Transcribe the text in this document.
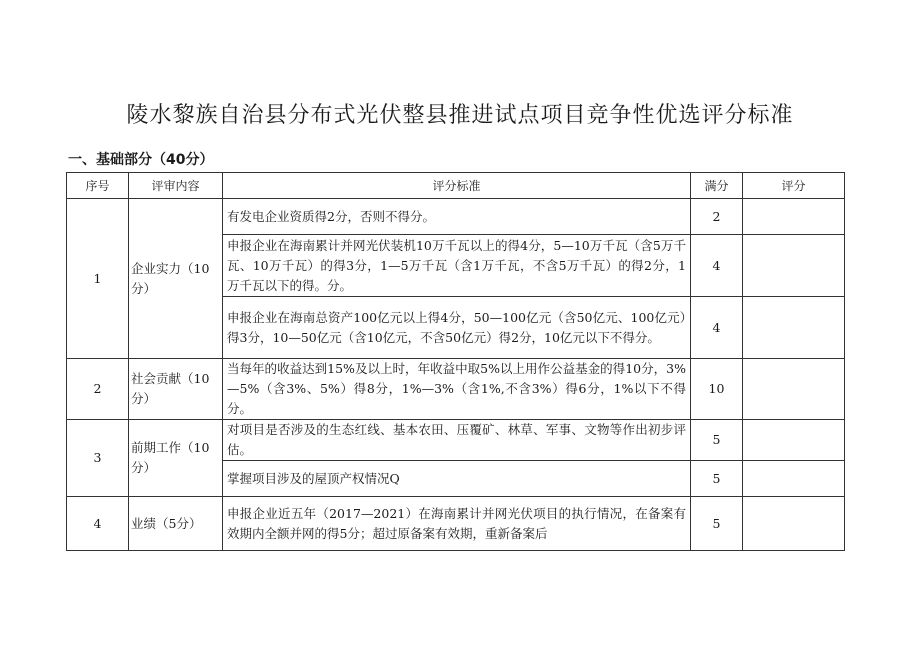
陵水黎族自治县分布式光伏整县推进试点项目竞争性优选评分标准
一、基础部分（40分）
序号	评审内容	评分标准	满分	评分
1	企业实力（10分）	有发电企业资质得2分，否则不得分。	2	
		申报企业在海南累计并网光伏装机10万千瓦以上的得4分，5—10万千瓦（含5万千瓦、10万千瓦）的得3分，1—5万千瓦（含1万千瓦，不含5万千瓦）的得2分，1万千瓦以下的得。分。	4	
		申报企业在海南总资产100亿元以上得4分，50—100亿元（含50亿元、100亿元）得3分，10—50亿元（含10亿元，不含50亿元）得2分，10亿元以下不得分。	4	
2	社会贡献（10分）	当每年的收益达到15%及以上时，年收益中取5%以上用作公益基金的得10分，3%—5%（含3%、5%）得8分，1%—3%（含1%,不含3%）得6分，1%以下不得分。	10	
3	前期工作（10分）	对项目是否涉及的生态红线、基本农田、压覆矿、林草、军事、文物等作出初步评估。	5	
		掌握项目涉及的屋顶产权情况Q	5	
4	业绩（5分）	申报企业近五年（2017—2021）在海南累计并网光伏项目的执行情况，在备案有效期内全额并网的得5分；超过原备案有效期，重新备案后	5	
